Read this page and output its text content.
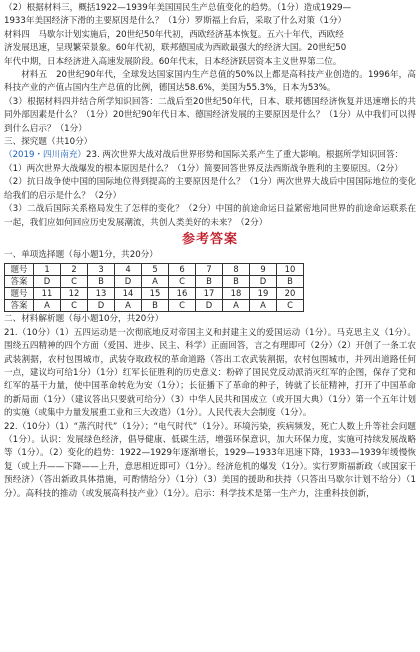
（2）根据材料三，概括1922—1939年美国国民生产总值变化的趋势。（1分）造成1929—

1933年美国经济下滑的主要原因是什么？（1分）罗斯福上台后，采取了什么对策（1分）

材料四　马歇尔计划实施后，20世纪50年代初，西欧经济基本恢复。五六十年代，西欧经

济发展迅速，呈现繁荣景象。60年代初，联邦德国成为西欧最强大的经济大国。20世纪50

年代中期，日本经济进入高速发展阶段。60年代末，日本经济跃居资本主义世界第二位。

材料五　20世纪90年代，全球发达国家国内生产总值的50%以上都是高科技产业创造的。1996年，高科技产业的产值占国内生产总值的比例，德国达58.6%，美国为55.3%，日本为53%。

（3）根据材料四并结合所学知识回答：二战后至20世纪50年代，日本、联邦德国经济恢复并迅速增长的共同外部因素是什么？（1分）20世纪90年代日本、德国经济发展的主要原因是什么？（1分）从中我们可以得到什么启示？（1分）

三、探究题（共10分）

（2019・四川南充）23. 两次世界大战对战后世界形势和国际关系产生了重大影响。根据所学知识回答：

（1）两次世界大战爆发的根本原因是什么？（1分）简要回答世界反法西斯战争胜利的主要原因。（2分）

（2）抗日战争使中国的国际地位得到提高的主要原因是什么？（1分）两次世界大战后中国国际地位的变化给我们的启示是什么？（2分）

（3）二战后国际关系格局发生了怎样的变化？（2分）中国的前途命运日益紧密地同世界的前途命运联系在一起，我们应如何回应历史发展潮流，共创人类美好的未来？（2分）

参考答案

一、单项选择题（每小题1分，共20分）

题号	1	2	3	4	5	6	7	8	9	10
答案	D	C	B	D	A	C	B	B	D	B
题号	11	12	13	14	15	16	17	18	19	20
答案	A	C	D	A	B	C	D	A	A	C

二、材料解析题（每小题10分，共20分）

21.（10分）（1）五四运动是一次彻底地反对帝国主义和封建主义的爱国运动（1分）。马克思主义（1分）。围绕五四精神的四个方面（爱国、进步、民主、科学）正面回答，言之有理即可（2分）（2）开创了一条工农武装割据，农村包围城市，武装夺取政权的革命道路（答出工农武装割据，农村包围城市，并列出道路任何一点，建议均可给1分）（1分）红军长征胜利的历史意义：粉碎了国民党反动派消灭红军的企图，保存了党和红军的基干力量，使中国革命转危为安（1分）；长征播下了革命的种子，铸就了长征精神，打开了中国革命的新局面（1分）（建议答出只要就可给分）（3）中华人民共和国成立（或开国大典）（1分）第一个五年计划的实施（或集中力量发展重工业和三大改造）（1分）。人民代表大会制度（1分）。

22.（10分）（1）“蒸汽时代”（1分）；“电气时代”（1分）。环境污染，疾病频发，死亡人数上升等社会问题（1分）。认识：发展绿色经济，倡导健康、低碳生活，增强环保意识，加大环保力度，实施可持续发展战略等（1分）。（2）变化的趋势：1922—1929年逐渐增长，1929—1933年迅速下降，1933—1939年缓慢恢复（或上升——下降——上升，意思相近即可）（1分）。经济危机的爆发（1分）。实行罗斯福新政（或国家干预经济）（答出新政具体措施，可酌情给分）（1分）（3）美国的援助和扶持（只答出马歇尔计划不给分）（1分）。高科技的推动（或发展高科技产业）（1分）。启示：科学技术是第一生产力，注重科技创新，
